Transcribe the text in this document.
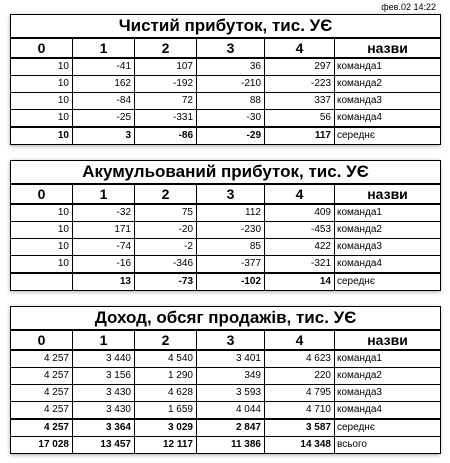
фев.02 14:22
Чистий прибуток, тис. УЄ					
0	1	2	3	4	назви
10	-41	107	36	297	команда1
10	162	-192	-210	-223	команда2
10	-84	72	88	337	команда3
10	-25	-331	-30	56	команда4
10	3	-86	-29	117	середнє
Акумульований прибуток, тис. УЄ					
0	1	2	3	4	назви
10	-32	75	112	409	команда1
10	171	-20	-230	-453	команда2
10	-74	-2	85	422	команда3
10	-16	-346	-377	-321	команда4
	13	-73	-102	14	середнє
Доход, обсяг продажів, тис. УЄ					
0	1	2	3	4	назви
4 257	3 440	4 540	3 401	4 623	команда1
4 257	3 156	1 290	349	220	команда2
4 257	3 430	4 628	3 593	4 795	команда3
4 257	3 430	1 659	4 044	4 710	команда4
4 257	3 364	3 029	2 847	3 587	середнє
17 028	13 457	12 117	11 386	14 348	всього
